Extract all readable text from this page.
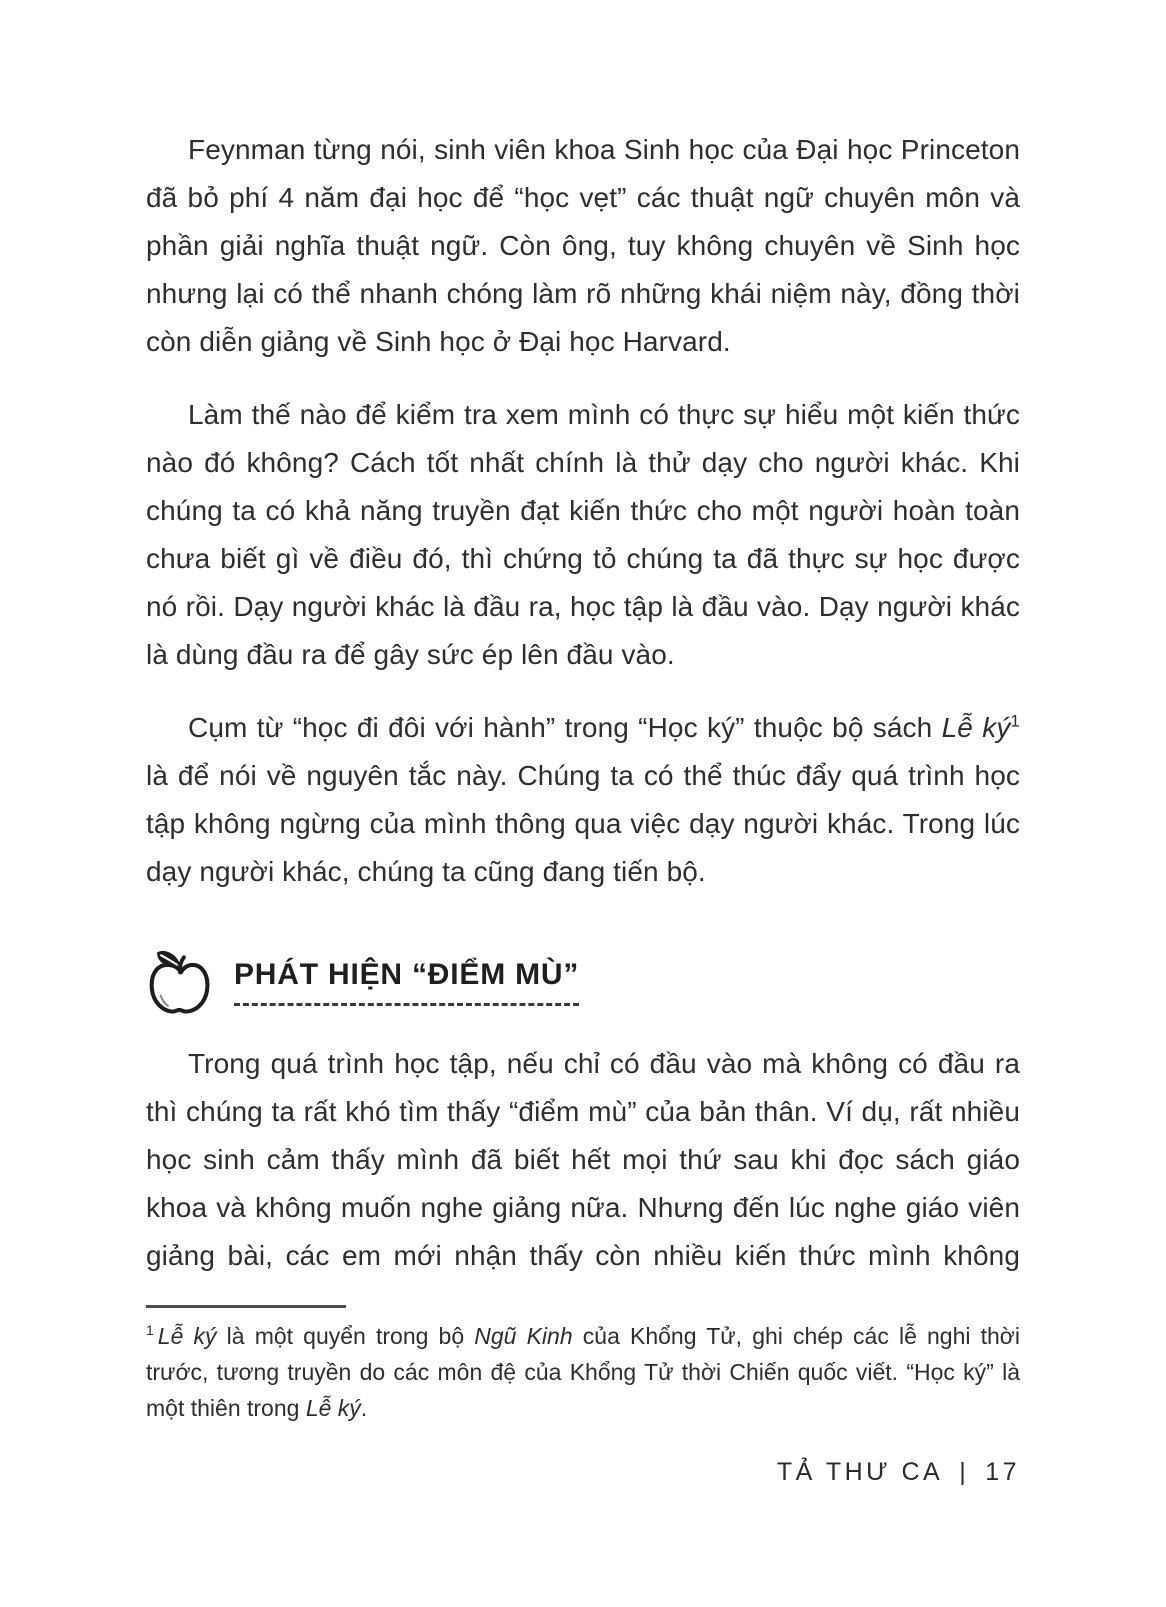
Feynman từng nói, sinh viên khoa Sinh học của Đại học Princeton đã bỏ phí 4 năm đại học để “học vẹt” các thuật ngữ chuyên môn và phần giải nghĩa thuật ngữ. Còn ông, tuy không chuyên về Sinh học nhưng lại có thể nhanh chóng làm rõ những khái niệm này, đồng thời còn diễn giảng về Sinh học ở Đại học Harvard.

Làm thế nào để kiểm tra xem mình có thực sự hiểu một kiến thức nào đó không? Cách tốt nhất chính là thử dạy cho người khác. Khi chúng ta có khả năng truyền đạt kiến thức cho một người hoàn toàn chưa biết gì về điều đó, thì chứng tỏ chúng ta đã thực sự học được nó rồi. Dạy người khác là đầu ra, học tập là đầu vào. Dạy người khác là dùng đầu ra để gây sức ép lên đầu vào.

Cụm từ “học đi đôi với hành” trong “Học ký” thuộc bộ sách Lễ ký$^1$ là để nói về nguyên tắc này. Chúng ta có thể thúc đẩy quá trình học tập không ngừng của mình thông qua việc dạy người khác. Trong lúc dạy người khác, chúng ta cũng đang tiến bộ.

PHÁT HIỆN “ĐIỂM MÙ”

Trong quá trình học tập, nếu chỉ có đầu vào mà không có đầu ra thì chúng ta rất khó tìm thấy “điểm mù” của bản thân. Ví dụ, rất nhiều học sinh cảm thấy mình đã biết hết mọi thứ sau khi đọc sách giáo khoa và không muốn nghe giảng nữa. Nhưng đến lúc nghe giáo viên giảng bài, các em mới nhận thấy còn nhiều kiến thức mình không

$^1$ Lễ ký là một quyển trong bộ Ngũ Kinh của Khổng Tử, ghi chép các lễ nghi thời trước, tương truyền do các môn đệ của Khổng Tử thời Chiến quốc viết. “Học ký” là một thiên trong Lễ ký.

TẢ THƯ CA | 17
